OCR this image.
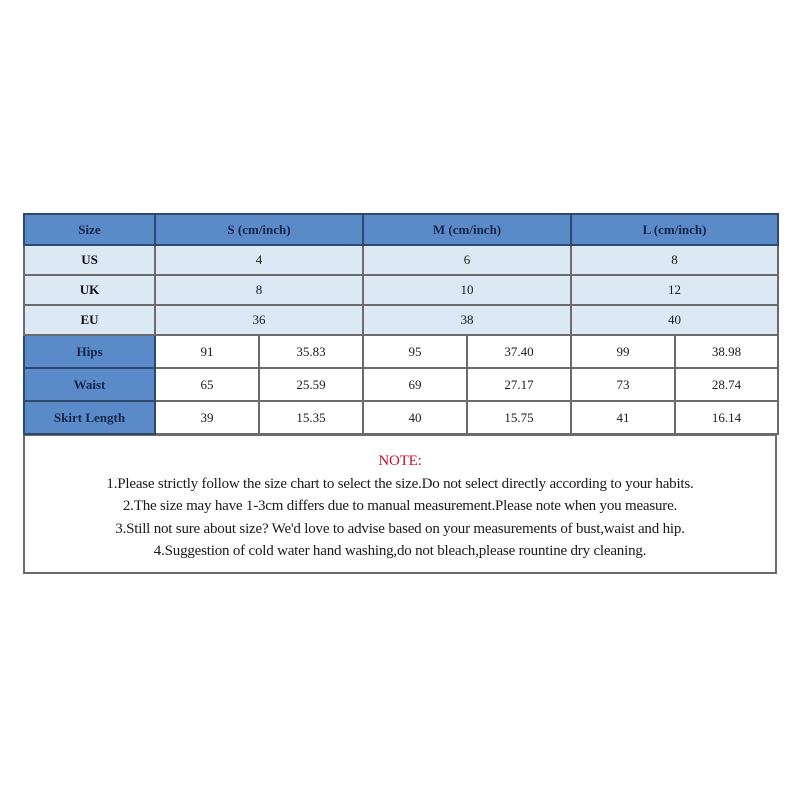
Size	S (cm/inch)		M (cm/inch)		L (cm/inch)	
US	4		6		8	
UK	8		10		12	
EU	36		38		40	
Hips	91	35.83	95	37.40	99	38.98
Waist	65	25.59	69	27.17	73	28.74
Skirt Length	39	15.35	40	15.75	41	16.14
NOTE:
1.Please strictly follow the size chart to select the size.Do not select directly according to your habits.
2.The size may have 1-3cm differs due to manual measurement.Please note when you measure.
3.Still not sure about size? We'd love to advise based on your measurements of bust,waist and hip.
4.Suggestion of cold water hand washing,do not bleach,please rountine dry cleaning.
